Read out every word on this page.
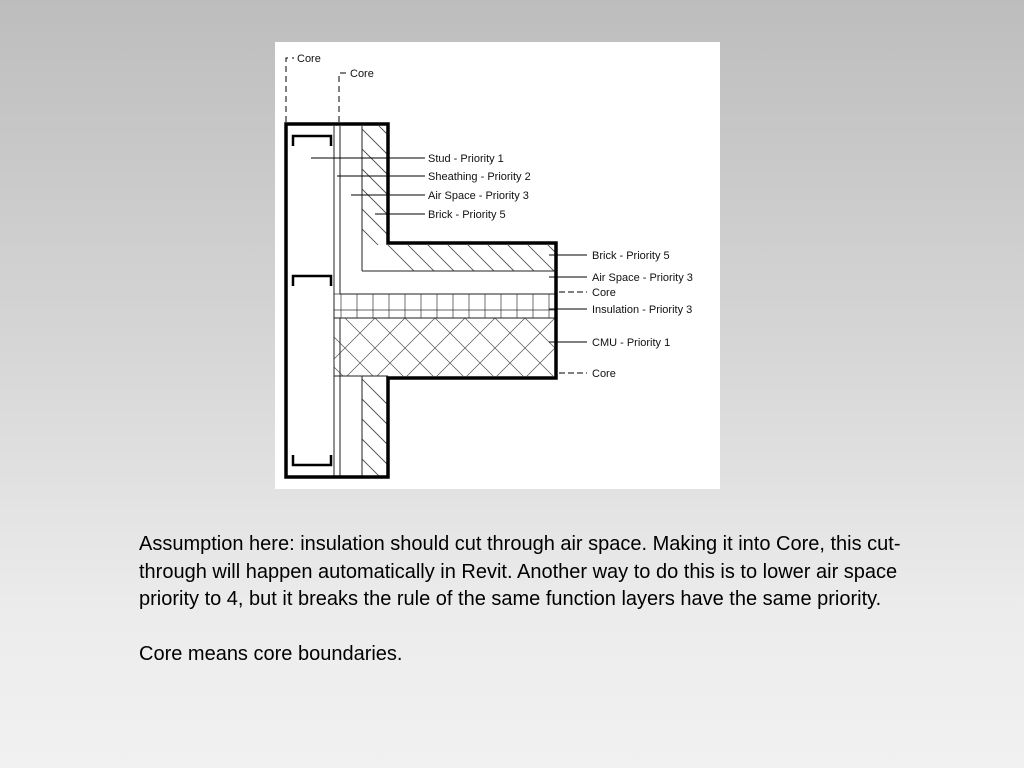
Core
Core
Stud - Priority 1
Sheathing - Priority 2
Air Space - Priority 3
Brick - Priority 5
Brick - Priority 5
Air Space - Priority 3
Core
Insulation - Priority 3
CMU - Priority 1
Core

Assumption here: insulation should cut through air space. Making it into Core, this cut-through will happen automatically in Revit. Another way to do this is to lower air space priority to 4, but it breaks the rule of the same function layers have the same priority.

Core means core boundaries.
